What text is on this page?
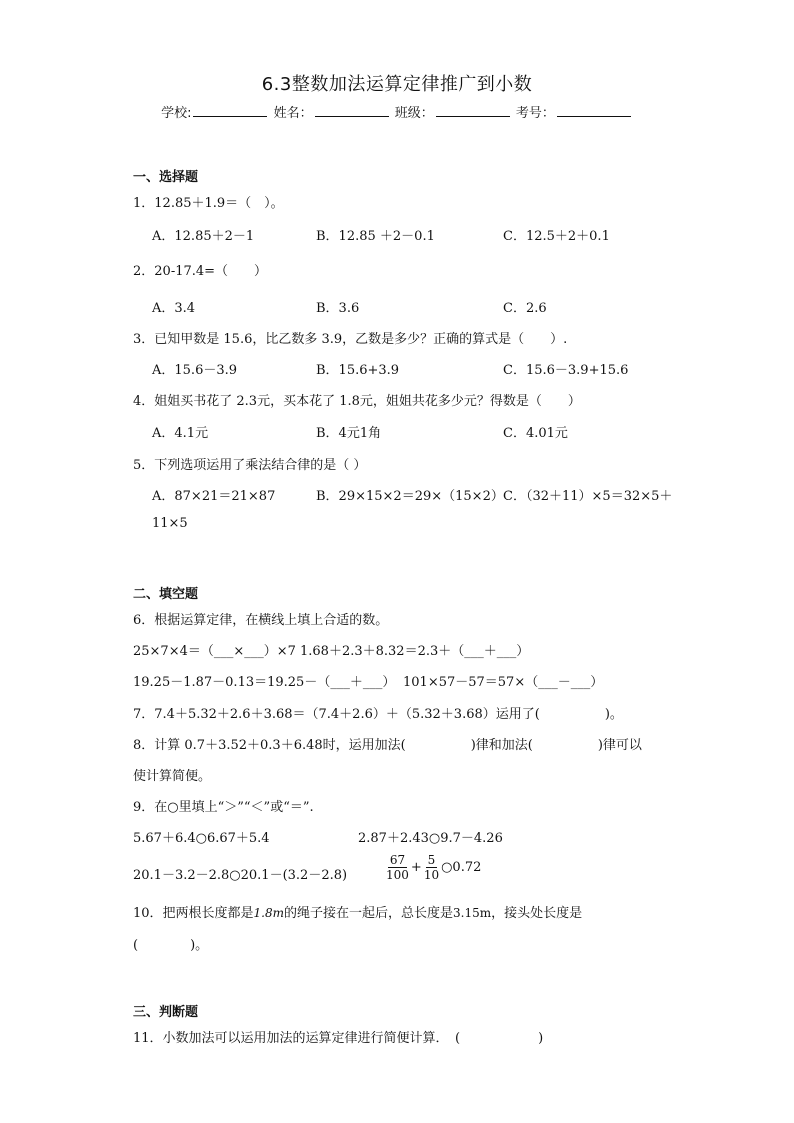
6.3整数加法运算定律推广到小数
学校:	姓名：	班级：	考号：
一、选择题
1．12.85＋1.9＝（　）。
A．12.85＋2－1	B．12.85 ＋2－0.1	C．12.5＋2＋0.1
2．20-17.4=（　　）
A．3.4	B．3.6	C．2.6
3．已知甲数是 15.6，比乙数多 3.9，乙数是多少？正确的算式是（　　）.
A．15.6－3.9	B．15.6+3.9	C．15.6－3.9+15.6
4．姐姐买书花了 2.3元，买本花了 1.8元，姐姐共花多少元？得数是（　　）
A．4.1元	B．4元1角	C．4.01元
5．下列选项运用了乘法结合律的是（ ）
A．87×21＝21×87	B．29×15×2＝29×（15×2） C．（32＋11）×5＝32×5＋
11×5
二、填空题
6．根据运算定律，在横线上填上合适的数。
25×7×4＝（___×___）×7 1.68＋2.3＋8.32＝2.3＋（___＋___）
19.25－1.87－0.13＝19.25－（___＋___） 101×57－57＝57×（___－___）
7．7.4＋5.32＋2.6＋3.68＝（7.4＋2.6）＋（5.32＋3.68）运用了(　　　　　)。
8．计算 0.7＋3.52＋0.3＋6.48时，运用加法(　　　　　)律和加法(　　　　　)律可以
使计算简便。
9．在○里填上“＞”“＜”或“＝”.
5.67＋6.4○6.67＋5.4	2.87＋2.43○9.7－4.26
20.1－3.2－2.8○20.1－(3.2－2.8)	$\frac{67}{100} + \frac{5}{10}$ ○0.72
10．把两根长度都是1.8m的绳子接在一起后，总长度是3.15m，接头处长度是
(　　　　)。
三、判断题
11．小数加法可以运用加法的运算定律进行简便计算．　(　　　　　　)
